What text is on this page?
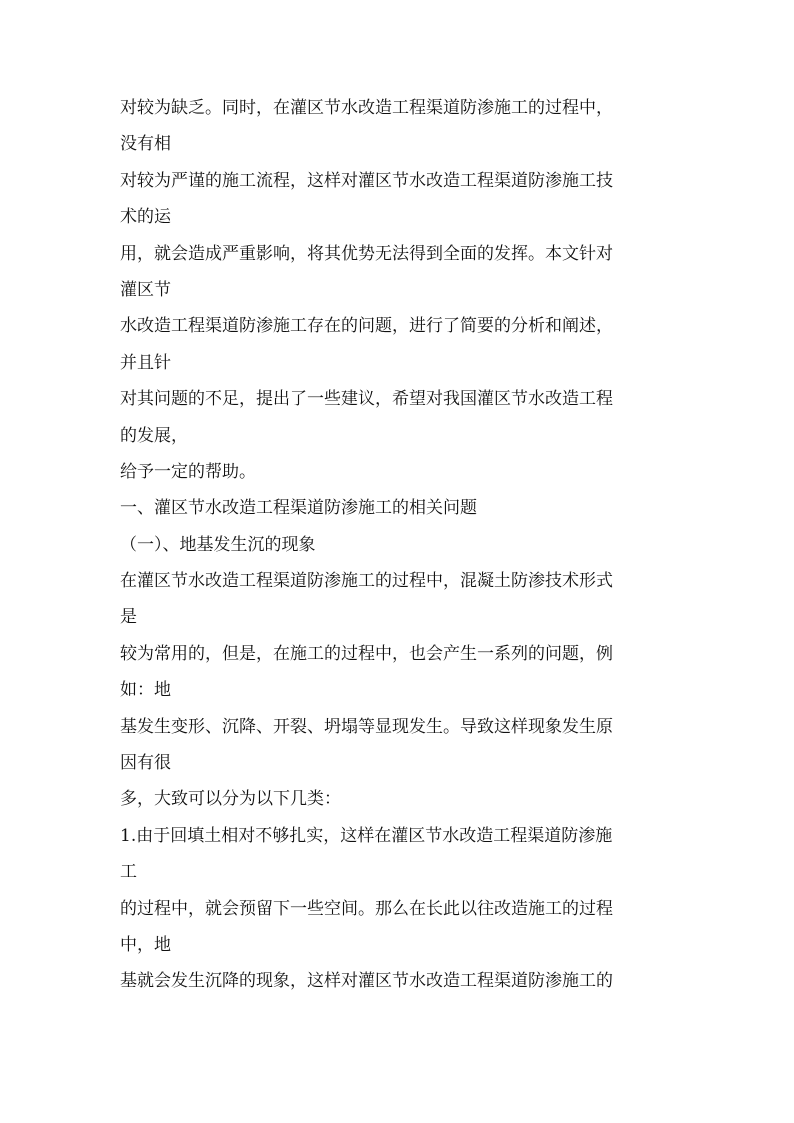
对较为缺乏。同时，在灌区节水改造工程渠道防渗施工的过程中，
没有相
对较为严谨的施工流程，这样对灌区节水改造工程渠道防渗施工技
术的运
用，就会造成严重影响，将其优势无法得到全面的发挥。本文针对
灌区节
水改造工程渠道防渗施工存在的问题，进行了简要的分析和阐述，
并且针
对其问题的不足，提出了一些建议，希望对我国灌区节水改造工程
的发展，
给予一定的帮助。
一、灌区节水改造工程渠道防渗施工的相关问题
（一）、地基发生沉的现象
在灌区节水改造工程渠道防渗施工的过程中，混凝土防渗技术形式
是
较为常用的，但是，在施工的过程中，也会产生一系列的问题，例
如：地
基发生变形、沉降、开裂、坍塌等显现发生。导致这样现象发生原
因有很
多，大致可以分为以下几类：
1.由于回填土相对不够扎实，这样在灌区节水改造工程渠道防渗施
工
的过程中，就会预留下一些空间。那么在长此以往改造施工的过程
中，地
基就会发生沉降的现象，这样对灌区节水改造工程渠道防渗施工的
